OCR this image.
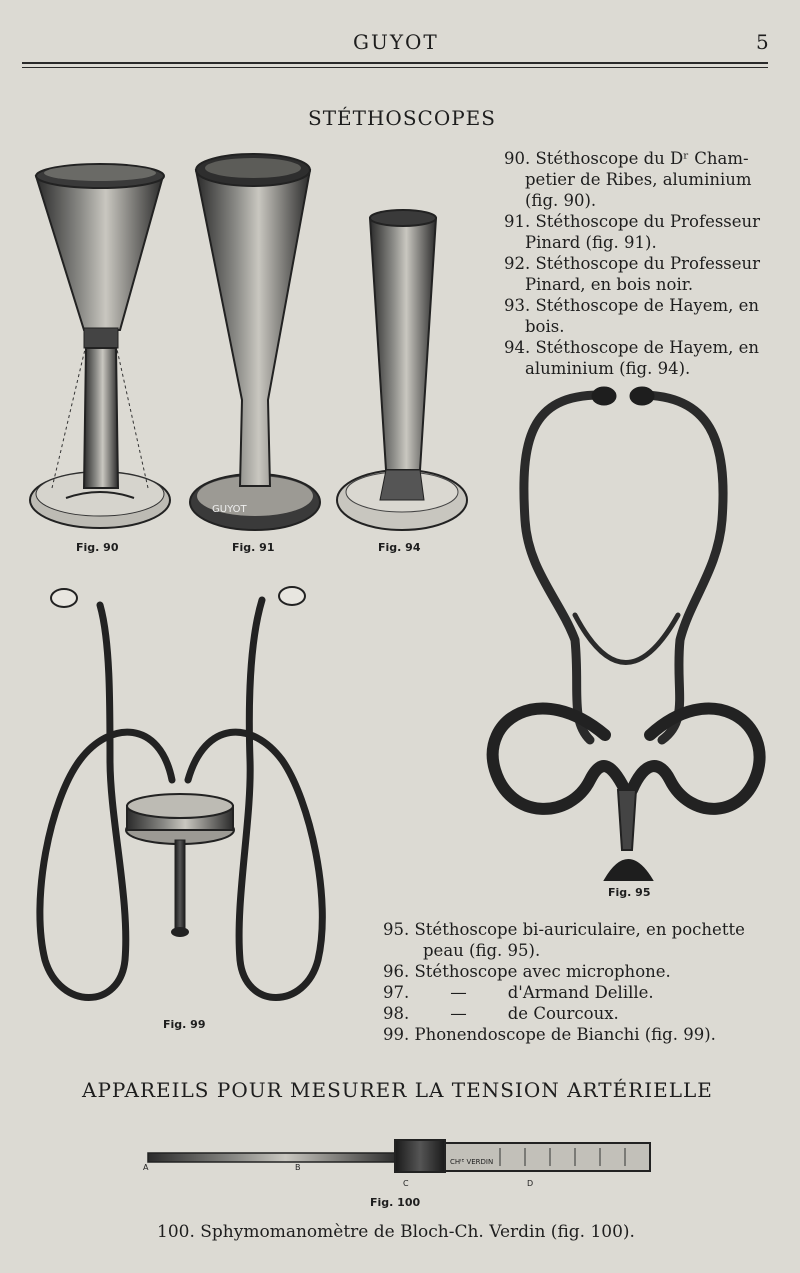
GUYOT	5
STÉTHOSCOPES
GUYOT
CHᴵᴱ VERDIN
A	B
C	D
Fig. 90	Fig. 91	Fig. 94
Fig. 95
Fig. 99
Fig. 100
90. Stéthoscope du Dʳ Cham-
petier de Ribes, aluminium
(fig. 90).
91. Stéthoscope du Professeur
Pinard (fig. 91).
92. Stéthoscope du Professeur
Pinard, en bois noir.
93. Stéthoscope de Hayem, en
bois.
94. Stéthoscope de Hayem, en
aluminium (fig. 94).
95. Stéthoscope bi-auriculaire, en pochette
peau (fig. 95).
96. Stéthoscope avec microphone.
97. — d'Armand Delille.
98. — de Courcoux.
99. Phonendoscope de Bianchi (fig. 99).
APPAREILS POUR MESURER LA TENSION ARTÉRIELLE
100. Sphymomanomètre de Bloch-Ch. Verdin (fig. 100).
